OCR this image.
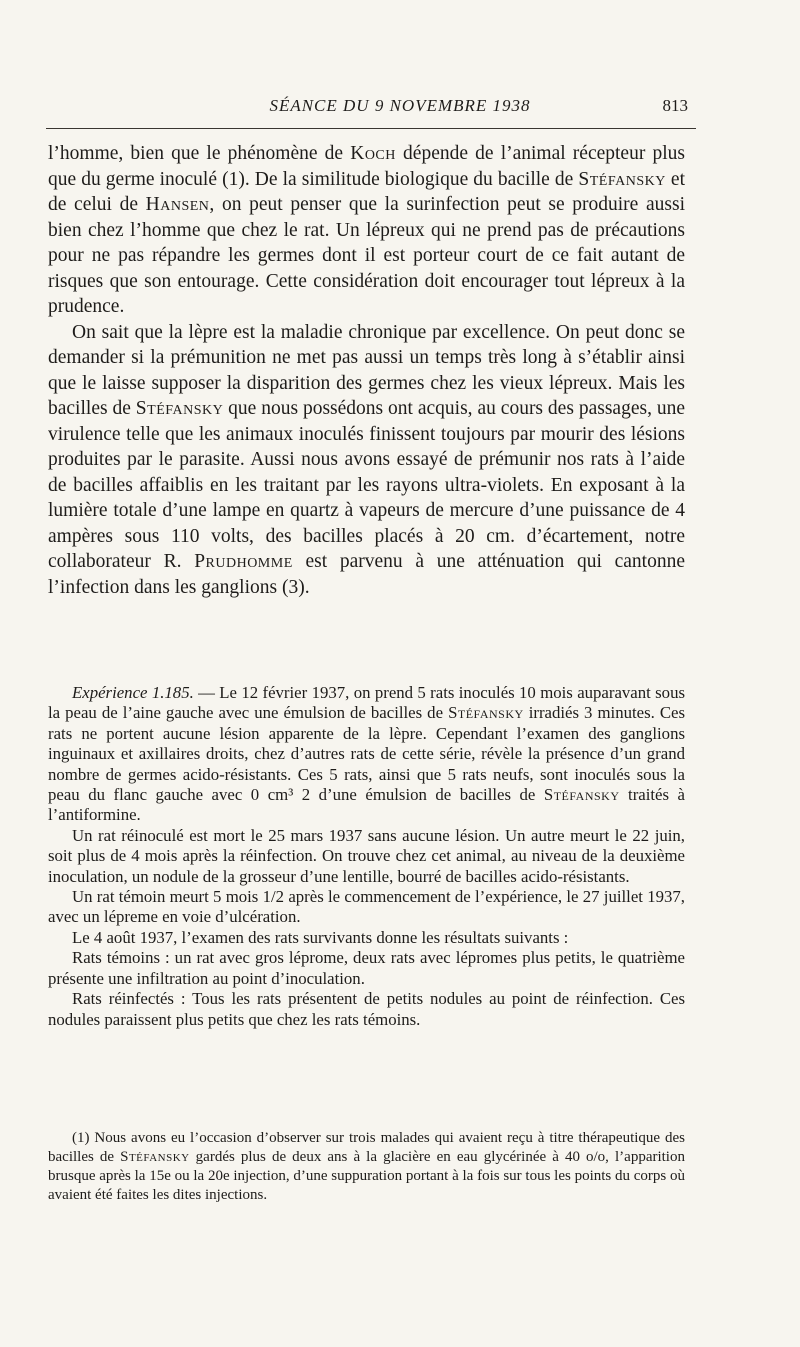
SÉANCE DU 9 NOVEMBRE 1938	813

l’homme, bien que le phénomène de Koch dépende de l’animal récepteur plus que du germe inoculé (1). De la similitude biologique du bacille de Stéfansky et de celui de Hansen, on peut penser que la surinfection peut se produire aussi bien chez l’homme que chez le rat. Un lépreux qui ne prend pas de précautions pour ne pas répandre les germes dont il est porteur court de ce fait autant de risques que son entourage. Cette considération doit encourager tout lépreux à la prudence.

On sait que la lèpre est la maladie chronique par excellence. On peut donc se demander si la prémunition ne met pas aussi un temps très long à s’établir ainsi que le laisse supposer la disparition des germes chez les vieux lépreux. Mais les bacilles de Stéfansky que nous possédons ont acquis, au cours des passages, une virulence telle que les animaux inoculés finissent toujours par mourir des lésions produites par le parasite. Aussi nous avons essayé de prémunir nos rats à l’aide de bacilles affaiblis en les traitant par les rayons ultra-violets. En exposant à la lumière totale d’une lampe en quartz à vapeurs de mercure d’une puissance de 4 ampères sous 110 volts, des bacilles placés à 20 cm. d’écartement, notre collaborateur R. Prudhomme est parvenu à une atténuation qui cantonne l’infection dans les ganglions (3).

Expérience 1.185. — Le 12 février 1937, on prend 5 rats inoculés 10 mois auparavant sous la peau de l’aine gauche avec une émulsion de bacilles de Stéfansky irradiés 3 minutes. Ces rats ne portent aucune lésion apparente de la lèpre. Cependant l’examen des ganglions inguinaux et axillaires droits, chez d’autres rats de cette série, révèle la présence d’un grand nombre de germes acido-résistants. Ces 5 rats, ainsi que 5 rats neufs, sont inoculés sous la peau du flanc gauche avec 0 cm³ 2 d’une émulsion de bacilles de Stéfansky traités à l’antiformine.

Un rat réinoculé est mort le 25 mars 1937 sans aucune lésion. Un autre meurt le 22 juin, soit plus de 4 mois après la réinfection. On trouve chez cet animal, au niveau de la deuxième inoculation, un nodule de la grosseur d’une lentille, bourré de bacilles acido-résistants.

Un rat témoin meurt 5 mois 1/2 après le commencement de l’expérience, le 27 juillet 1937, avec un lépreme en voie d’ulcération.

Le 4 août 1937, l’examen des rats survivants donne les résultats suivants :

Rats témoins : un rat avec gros léprome, deux rats avec lépromes plus petits, le quatrième présente une infiltration au point d’inoculation.

Rats réinfectés : Tous les rats présentent de petits nodules au point de réinfection. Ces nodules paraissent plus petits que chez les rats témoins.

(1) Nous avons eu l’occasion d’observer sur trois malades qui avaient reçu à titre thérapeutique des bacilles de Stéfansky gardés plus de deux ans à la glacière en eau glycérinée à 40 o/o, l’apparition brusque après la 15e ou la 20e injection, d’une suppuration portant à la fois sur tous les points du corps où avaient été faites les dites injections.
